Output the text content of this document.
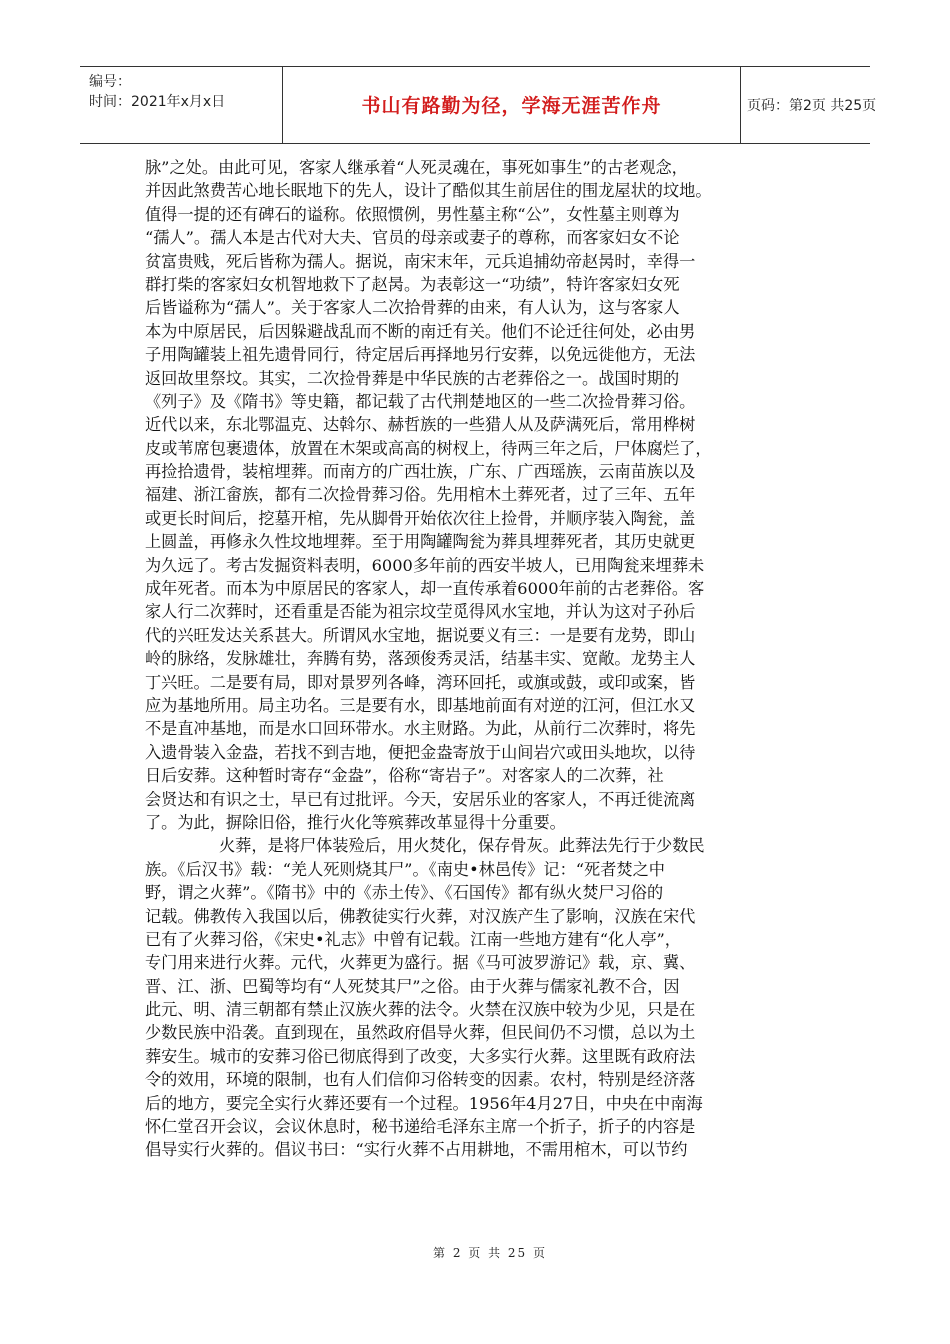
编号：
时间：2021年x月x日	书山有路勤为径，学海无涯苦作舟	页码：第2页 共25页
脉”之处。由此可见，客家人继承着“人死灵魂在，事死如事生”的古老观念，
并因此煞费苦心地长眠地下的先人，设计了酷似其生前居住的围龙屋状的坟地。
值得一提的还有碑石的谥称。依照惯例，男性墓主称“公”，女性墓主则尊为
“孺人”。孺人本是古代对大夫、官员的母亲或妻子的尊称，而客家妇女不论
贫富贵贱，死后皆称为孺人。据说，南宋末年，元兵追捕幼帝赵昺时，幸得一
群打柴的客家妇女机智地救下了赵昺。为表彰这一“功绩”，特许客家妇女死
后皆谥称为“孺人”。关于客家人二次拾骨葬的由来，有人认为，这与客家人
本为中原居民，后因躲避战乱而不断的南迁有关。他们不论迁往何处，必由男
子用陶罐装上祖先遗骨同行，待定居后再择地另行安葬，以免远徙他方，无法
返回故里祭坟。其实，二次捡骨葬是中华民族的古老葬俗之一。战国时期的
《列子》及《隋书》等史籍，都记载了古代荆楚地区的一些二次捡骨葬习俗。
近代以来，东北鄂温克、达斡尔、赫哲族的一些猎人从及萨满死后，常用桦树
皮或苇席包裹遗体，放置在木架或高高的树杈上，待两三年之后，尸体腐烂了，
再捡拾遗骨，装棺埋葬。而南方的广西壮族，广东、广西瑶族，云南苗族以及
福建、浙江畲族，都有二次捡骨葬习俗。先用棺木土葬死者，过了三年、五年
或更长时间后，挖墓开棺，先从脚骨开始依次往上捡骨，并顺序装入陶瓮，盖
上圆盖，再修永久性坟地埋葬。至于用陶罐陶瓮为葬具埋葬死者，其历史就更
为久远了。考古发掘资料表明，6000多年前的西安半坡人，已用陶瓮来埋葬未
成年死者。而本为中原居民的客家人，却一直传承着6000年前的古老葬俗。客
家人行二次葬时，还看重是否能为祖宗坟茔觅得风水宝地，并认为这对子孙后
代的兴旺发达关系甚大。所谓风水宝地，据说要义有三：一是要有龙势，即山
岭的脉络，发脉雄壮，奔腾有势，落颈俊秀灵活，结基丰实、宽敞。龙势主人
丁兴旺。二是要有局，即对景罗列各峰，湾环回托，或旗或鼓，或印或案，皆
应为基地所用。局主功名。三是要有水，即基地前面有对逆的江河，但江水又
不是直冲基地，而是水口回环带水。水主财路。为此，从前行二次葬时，将先
入遗骨装入金盎，若找不到吉地，便把金盎寄放于山间岩穴或田头地坎，以待
日后安葬。这种暂时寄存“金盎”，俗称“寄岩子”。对客家人的二次葬，社
会贤达和有识之士，早已有过批评。今天，安居乐业的客家人，不再迁徙流离
了。为此，摒除旧俗，推行火化等殡葬改革显得十分重要。
火葬，是将尸体装殓后，用火焚化，保存骨灰。此葬法先行于少数民
族。《后汉书》载：“羌人死则烧其尸”。《南史•林邑传》记：“死者焚之中
野，谓之火葬”。《隋书》中的《赤土传》、《石国传》都有纵火焚尸习俗的
记载。佛教传入我国以后，佛教徒实行火葬，对汉族产生了影响，汉族在宋代
已有了火葬习俗，《宋史•礼志》中曾有记载。江南一些地方建有“化人亭”，
专门用来进行火葬。元代，火葬更为盛行。据《马可波罗游记》载，京、冀、
晋、江、浙、巴蜀等均有“人死焚其尸”之俗。由于火葬与儒家礼教不合，因
此元、明、清三朝都有禁止汉族火葬的法令。火禁在汉族中较为少见，只是在
少数民族中沿袭。直到现在，虽然政府倡导火葬，但民间仍不习惯，总以为土
葬安生。城市的安葬习俗已彻底得到了改变，大多实行火葬。这里既有政府法
令的效用，环境的限制，也有人们信仰习俗转变的因素。农村，特别是经济落
后的地方，要完全实行火葬还要有一个过程。1956年4月27日，中央在中南海
怀仁堂召开会议，会议休息时，秘书递给毛泽东主席一个折子，折子的内容是
倡导实行火葬的。倡议书曰：“实行火葬不占用耕地，不需用棺木，可以节约
第 2 页 共 25 页
